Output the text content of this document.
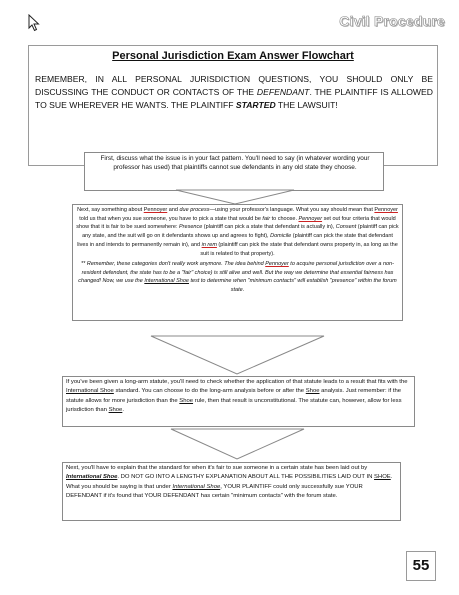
Civil Procedure
Personal Jurisdiction Exam Answer Flowchart
REMEMBER, IN ALL PERSONAL JURISDICTION QUESTIONS, YOU SHOULD ONLY BE DISCUSSING THE CONDUCT OR CONTACTS OF THE DEFENDANT. THE PLAINTIFF IS ALLOWED TO SUE WHEREVER HE WANTS. THE PLAINTIFF STARTED THE LAWSUIT!
First, discuss what the issue is in your fact pattern. You'll need to say (in whatever wording your professor has used) that plaintiffs cannot sue defendants in any old state they choose.
Next, say something about Pennoyer and due process—using your professor's language. What you say should mean that Pennoyer told us that when you sue someone, you have to pick a state that would be fair to choose. Pennoyer set out four criteria that would show that it is fair to be sued somewhere: Presence (plaintiff can pick a state that defendant is actually in), Consent (plaintiff can pick any state, and the suit will go on it defendants shows up and agrees to fight), Domicile (plaintiff can pick the state that defendant lives in and intends to permanently remain in), and in rem (plaintiff can pick the state that defendant owns property in, as long as the suit is related to that property).
** Remember, these categories don't really work anymore. The idea behind Pennoyer to acquire personal jurisdiction over a non-resident defendant, the state has to be a "fair" choice) is still alive and well. But the way we determine that essential fairness has changed! Now, we use the International Shoe test to determine when "minimum contacts" will establish "presence" within the forum state.
If you've been given a long-arm statute, you'll need to check whether the application of that statute leads to a result that fits with the International Shoe standard. You can choose to do the long-arm analysis before or after the Shoe analysis. Just remember: if the statute allows for more jurisdiction than the Shoe rule, then that result is unconstitutional. The statute can, however, allow for less jurisdiction than Shoe.
Next, you'll have to explain that the standard for when it's fair to sue someone in a certain state has been laid out by International Shoe. DO NOT GO INTO A LENGTHY EXPLANATION ABOUT ALL THE POSSIBILITIES LAID OUT IN SHOE. What you should be saying is that under International Shoe, YOUR PLAINTIFF could only successfully sue YOUR DEFENDANT if it's found that YOUR DEFENDANT has certain "minimum contacts" with the forum state.
55
